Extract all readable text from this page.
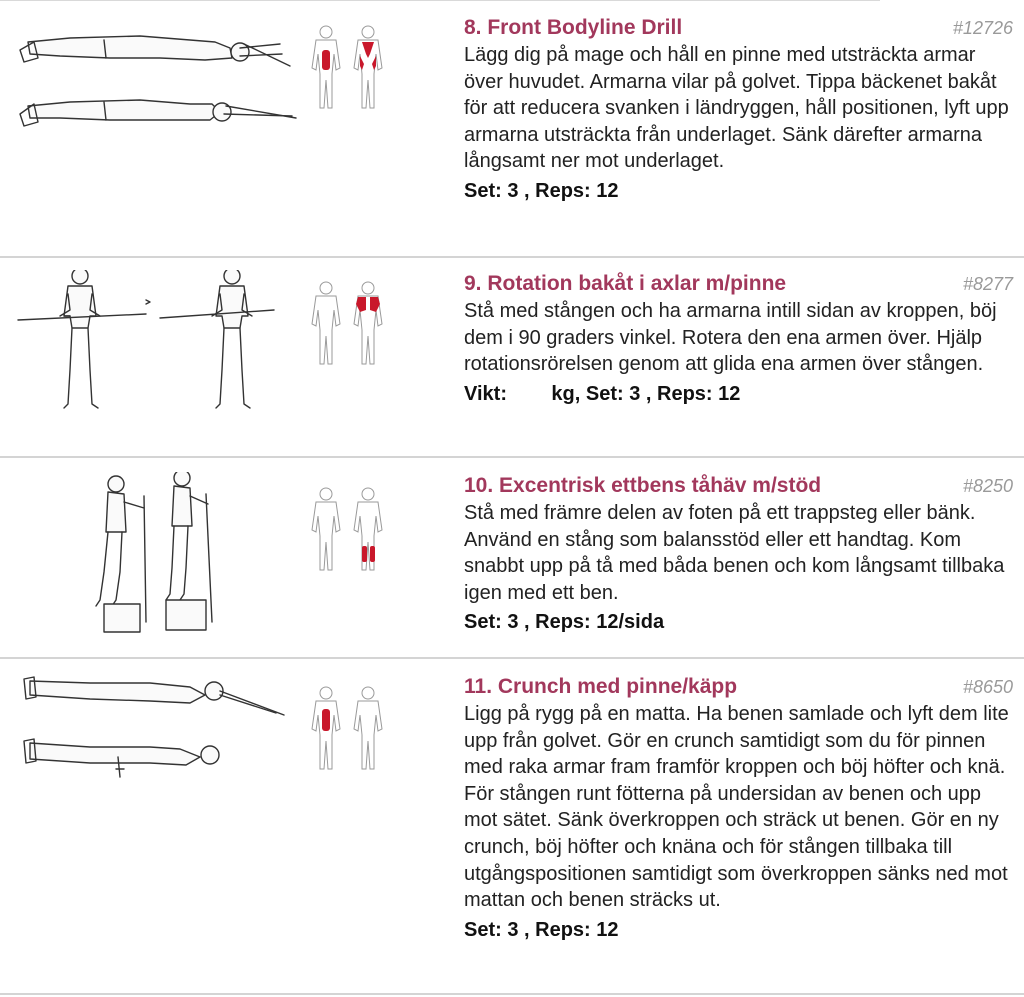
8. Front Bodyline Drill	#12726

Lägg dig på mage och håll en pinne med utsträckta armar över huvudet. Armarna vilar på golvet. Tippa bäckenet bakåt för att reducera svanken i ländryggen, håll positionen, lyft upp armarna utsträckta från underlaget. Sänk därefter armarna långsamt ner mot underlaget.

Set: 3 , Reps: 12
9. Rotation bakåt i axlar m/pinne	#8277

Stå med stången och ha armarna intill sidan av kroppen, böj dem i 90 graders vinkel. Rotera den ena armen över. Hjälp rotationsrörelsen genom att glida ena armen över stången.

Vikt:        kg, Set: 3 , Reps: 12
10. Excentrisk ettbens tåhäv m/stöd	#8250

Stå med främre delen av foten på ett trappsteg eller bänk. Använd en stång som balansstöd eller ett handtag. Kom snabbt upp på tå med båda benen och kom långsamt tillbaka igen med ett ben.

Set: 3 , Reps: 12/sida
11. Crunch med pinne/käpp	#8650

Ligg på rygg på en matta. Ha benen samlade och lyft dem lite upp från golvet. Gör en crunch samtidigt som du för pinnen med raka armar fram framför kroppen och böj höfter och knä. För stången runt fötterna på undersidan av benen och upp mot sätet. Sänk överkroppen och sträck ut benen. Gör en ny crunch, böj höfter och knäna och för stången tillbaka till utgångspositionen samtidigt som överkroppen sänks ned mot mattan och benen sträcks ut.

Set: 3 , Reps: 12
